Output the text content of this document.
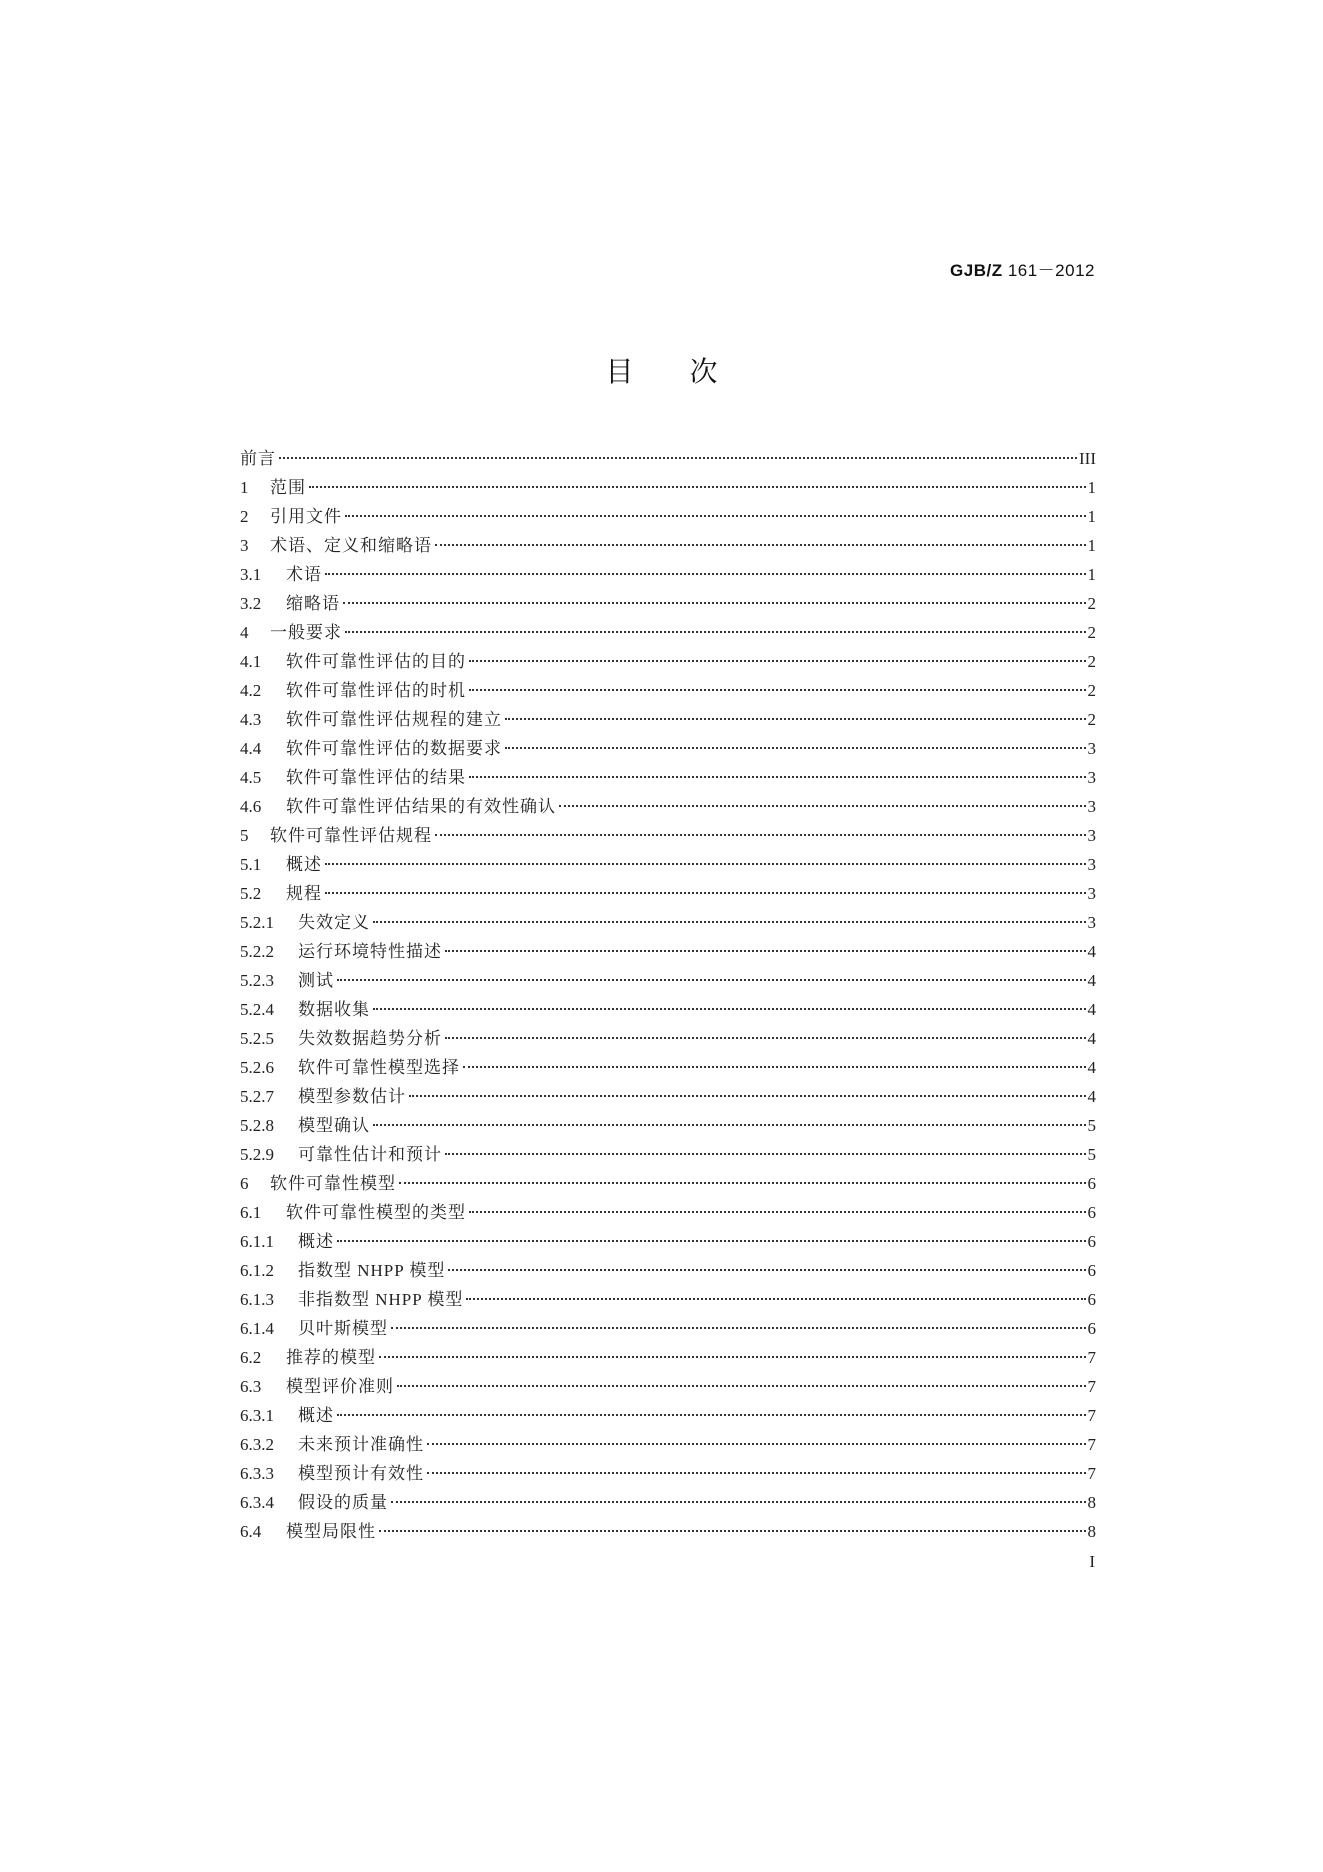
GJB/Z 161－2012
目 次
前言	III
1	范围	1
2	引用文件	1
3	术语、定义和缩略语	1
3.1	术语	1
3.2	缩略语	2
4	一般要求	2
4.1	软件可靠性评估的目的	2
4.2	软件可靠性评估的时机	2
4.3	软件可靠性评估规程的建立	2
4.4	软件可靠性评估的数据要求	3
4.5	软件可靠性评估的结果	3
4.6	软件可靠性评估结果的有效性确认	3
5	软件可靠性评估规程	3
5.1	概述	3
5.2	规程	3
5.2.1	失效定义	3
5.2.2	运行环境特性描述	4
5.2.3	测试	4
5.2.4	数据收集	4
5.2.5	失效数据趋势分析	4
5.2.6	软件可靠性模型选择	4
5.2.7	模型参数估计	4
5.2.8	模型确认	5
5.2.9	可靠性估计和预计	5
6	软件可靠性模型	6
6.1	软件可靠性模型的类型	6
6.1.1	概述	6
6.1.2	指数型 NHPP 模型	6
6.1.3	非指数型 NHPP 模型	6
6.1.4	贝叶斯模型	6
6.2	推荐的模型	7
6.3	模型评价准则	7
6.3.1	概述	7
6.3.2	未来预计准确性	7
6.3.3	模型预计有效性	7
6.3.4	假设的质量	8
6.4	模型局限性	8
I
